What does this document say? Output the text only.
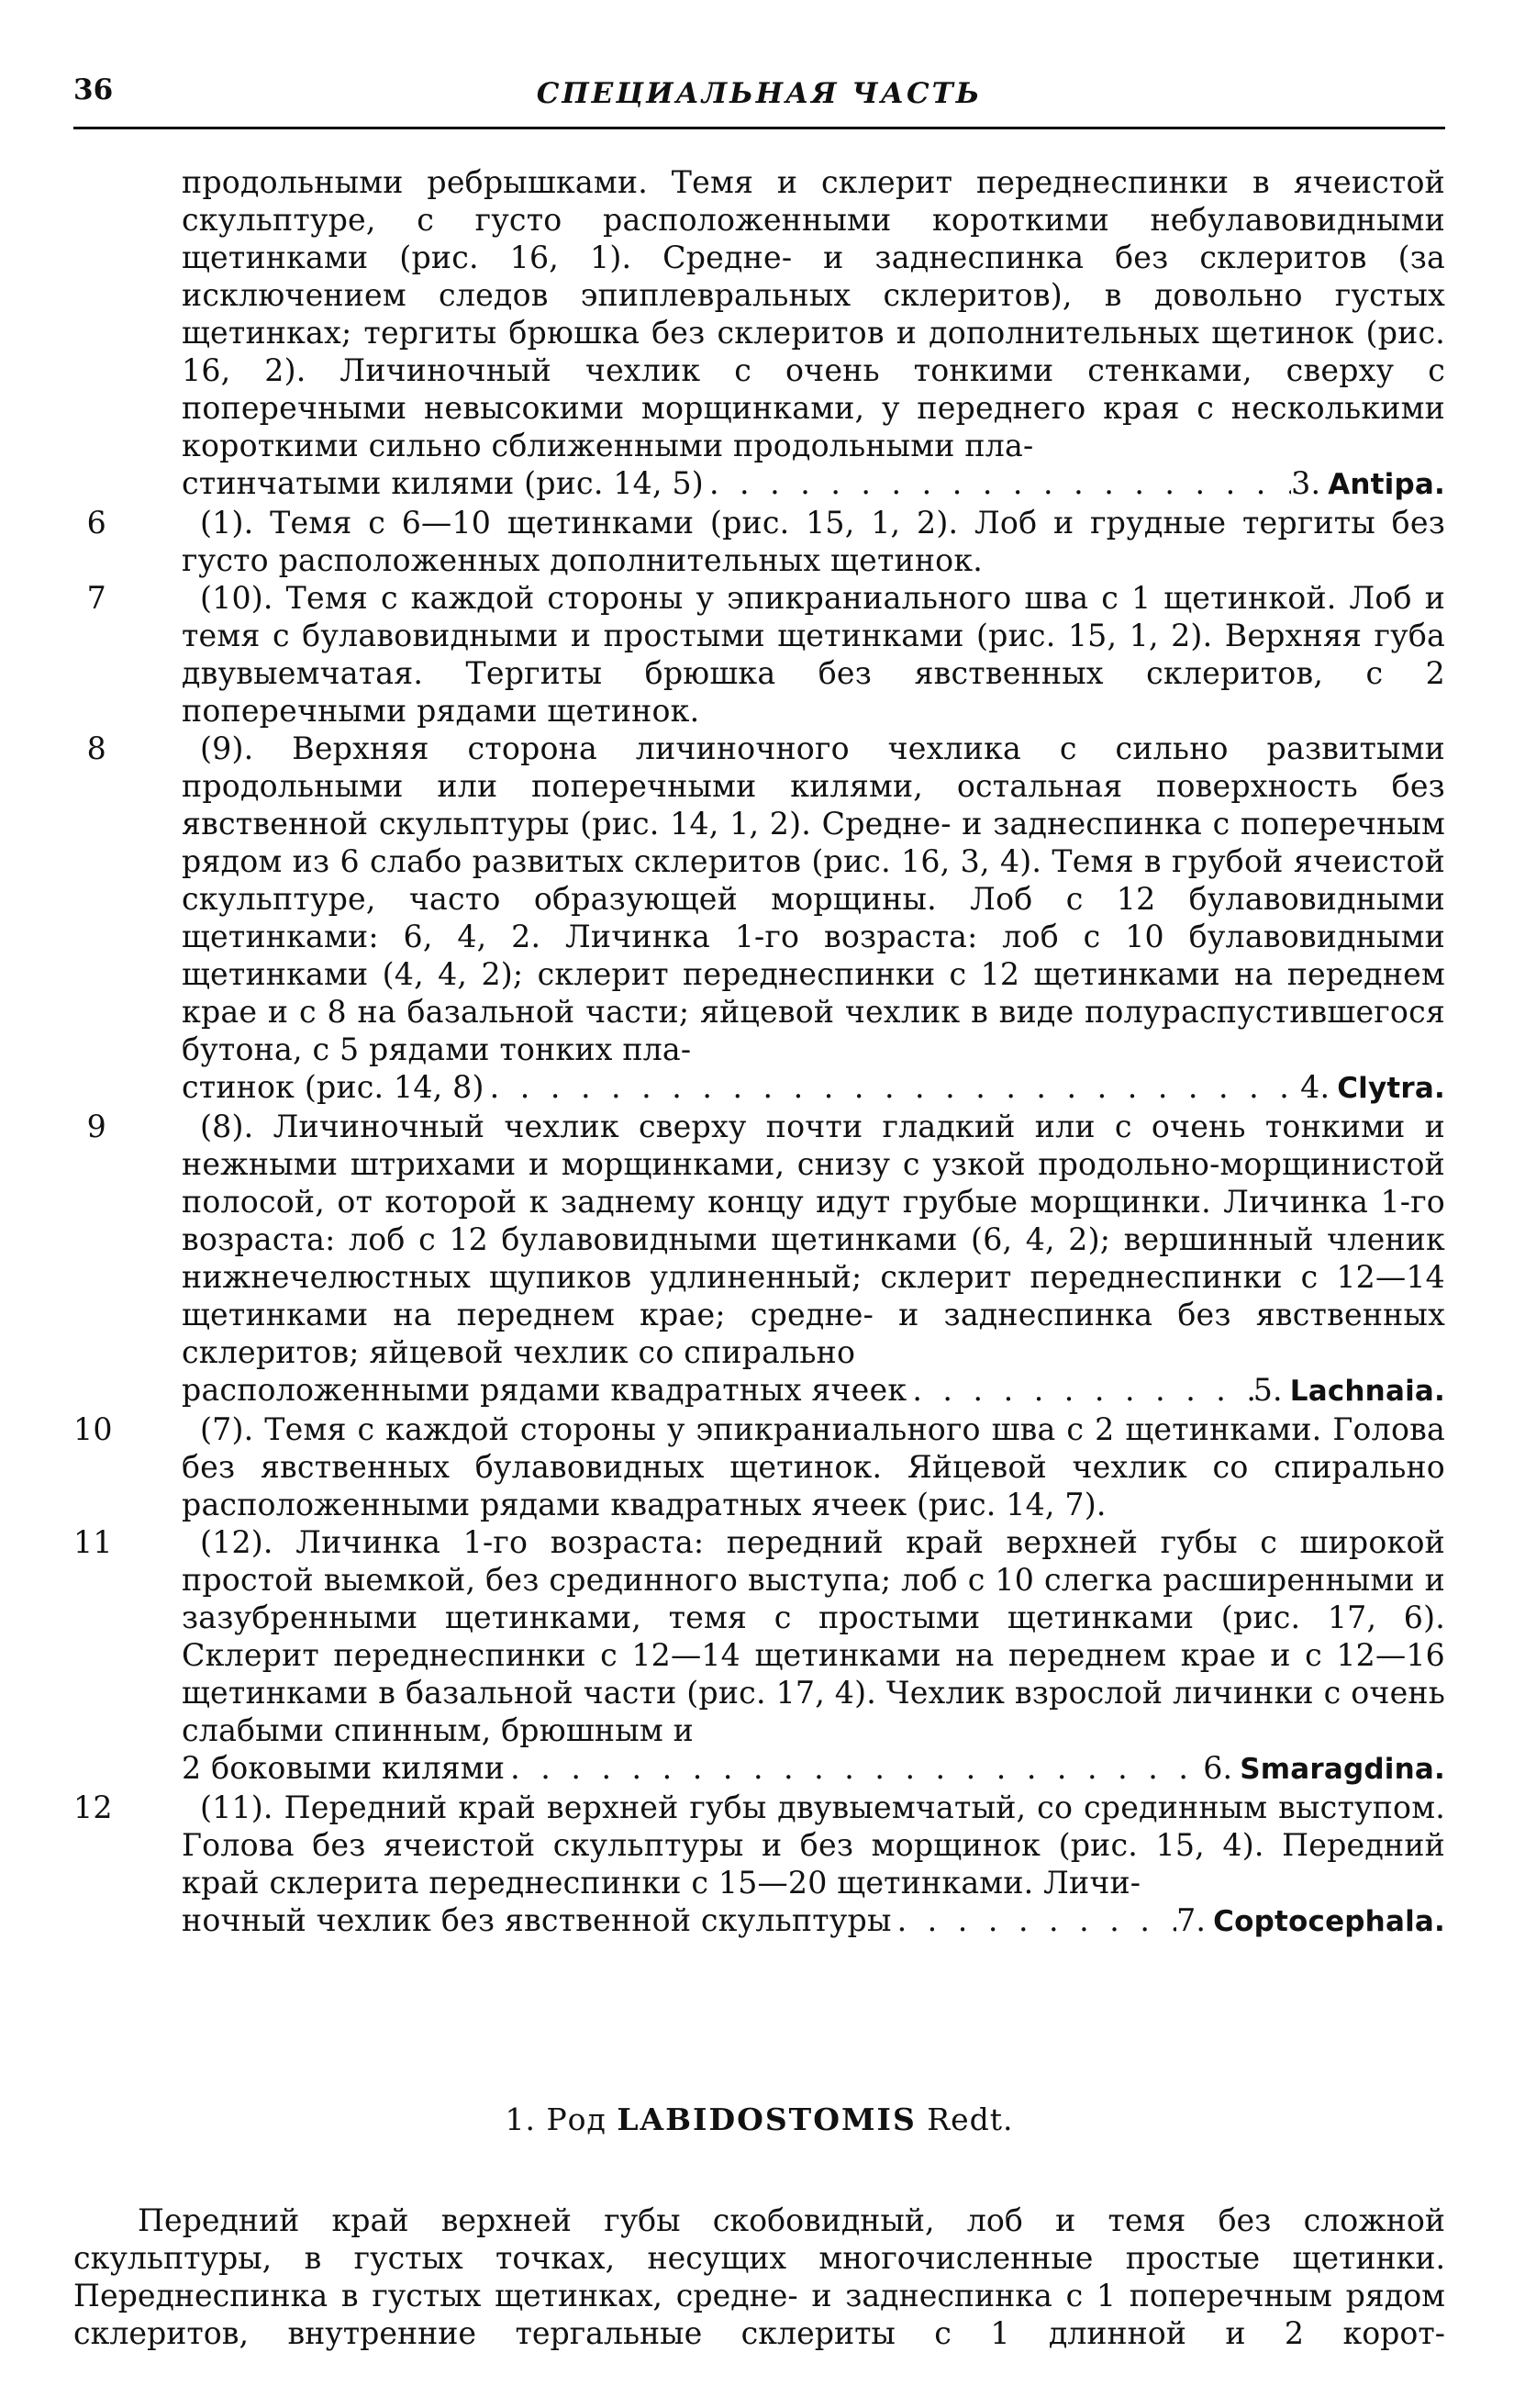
36	СПЕЦИАЛЬНАЯ ЧАСТЬ

продольными ребрышками. Темя и склерит переднеспинки в ячеистой скульптуре, с густо расположенными короткими небулавовидными щетинками (рис. 16, 1). Средне- и заднеспинка без склеритов (за исключением следов эпиплевральных склеритов), в довольно густых щетинках; тергиты брюшка без склеритов и дополнительных щетинок (рис. 16, 2). Личиночный чехлик с очень тонкими стенками, сверху с поперечными невысокими морщинками, у переднего края с несколькими короткими сильно сближенными продольными пла-

стинчатыми килями (рис. 14, 5) . . .	3. Antipa.
6	(1). Темя с 6—10 щетинками (рис. 15, 1, 2). Лоб и грудные тергиты без густо расположенных дополнительных щетинок.
7	(10). Темя с каждой стороны у эпикраниального шва с 1 щетинкой. Лоб и темя с булавовидными и простыми щетинками (рис. 15, 1, 2). Верхняя губа двувыемчатая. Тергиты брюшка без явственных склеритов, с 2 поперечными рядами щетинок.
8	(9). Верхняя сторона личиночного чехлика с сильно развитыми продольными или поперечными килями, остальная поверхность без явственной скульптуры (рис. 14, 1, 2). Средне- и заднеспинка с поперечным рядом из 6 слабо развитых склеритов (рис. 16, 3, 4). Темя в грубой ячеистой скульптуре, часто образующей морщины. Лоб с 12 булавовидными щетинками: 6, 4, 2. Личинка 1-го возраста: лоб с 10 булавовидными щетинками (4, 4, 2); склерит переднеспинки с 12 щетинками на переднем крае и с 8 на базальной части; яйцевой чехлик в виде полураспустившегося бутона, с 5 рядами тонких пла-
стинок (рис. 14, 8) . . .	4. Clytra.
9	(8). Личиночный чехлик сверху почти гладкий или с очень тонкими и нежными штрихами и морщинками, снизу с узкой продольно-морщинистой полосой, от которой к заднему концу идут грубые морщинки. Личинка 1-го возраста: лоб с 12 булавовидными щетинками (6, 4, 2); вершинный членик нижнечелюстных щупиков удлиненный; склерит переднеспинки с 12—14 щетинками на переднем крае; средне- и заднеспинка без явственных склеритов; яйцевой чехлик со спирально
расположенными рядами квадратных ячеек . . .	5. Lachnaia.
10	(7). Темя с каждой стороны у эпикраниального шва с 2 щетинками. Голова без явственных булавовидных щетинок. Яйцевой чехлик со спирально расположенными рядами квадратных ячеек (рис. 14, 7).
11	(12). Личинка 1-го возраста: передний край верхней губы с широкой простой выемкой, без срединного выступа; лоб с 10 слегка расширенными и зазубренными щетинками, темя с простыми щетинками (рис. 17, 6). Склерит переднеспинки с 12—14 щетинками на переднем крае и с 12—16 щетинками в базальной части (рис. 17, 4). Чехлик взрослой личинки с очень слабыми спинным, брюшным и
2 боковыми килями . . .	6. Smaragdina.
12	(11). Передний край верхней губы двувыемчатый, со срединным выступом. Голова без ячеистой скульптуры и без морщинок (рис. 15, 4). Передний край склерита переднеспинки с 15—20 щетинками. Личи-
ночный чехлик без явственной скульптуры . . .	7. Coptocephala.
1. Род LABIDOSTOMIS Redt.

Передний край верхней губы скобовидный, лоб и темя без сложной скульптуры, в густых точках, несущих многочисленные простые щетинки. Переднеспинка в густых щетинках, средне- и заднеспинка с 1 поперечным рядом склеритов, внутренние тергальные склериты с 1 длинной и 2 корот-
